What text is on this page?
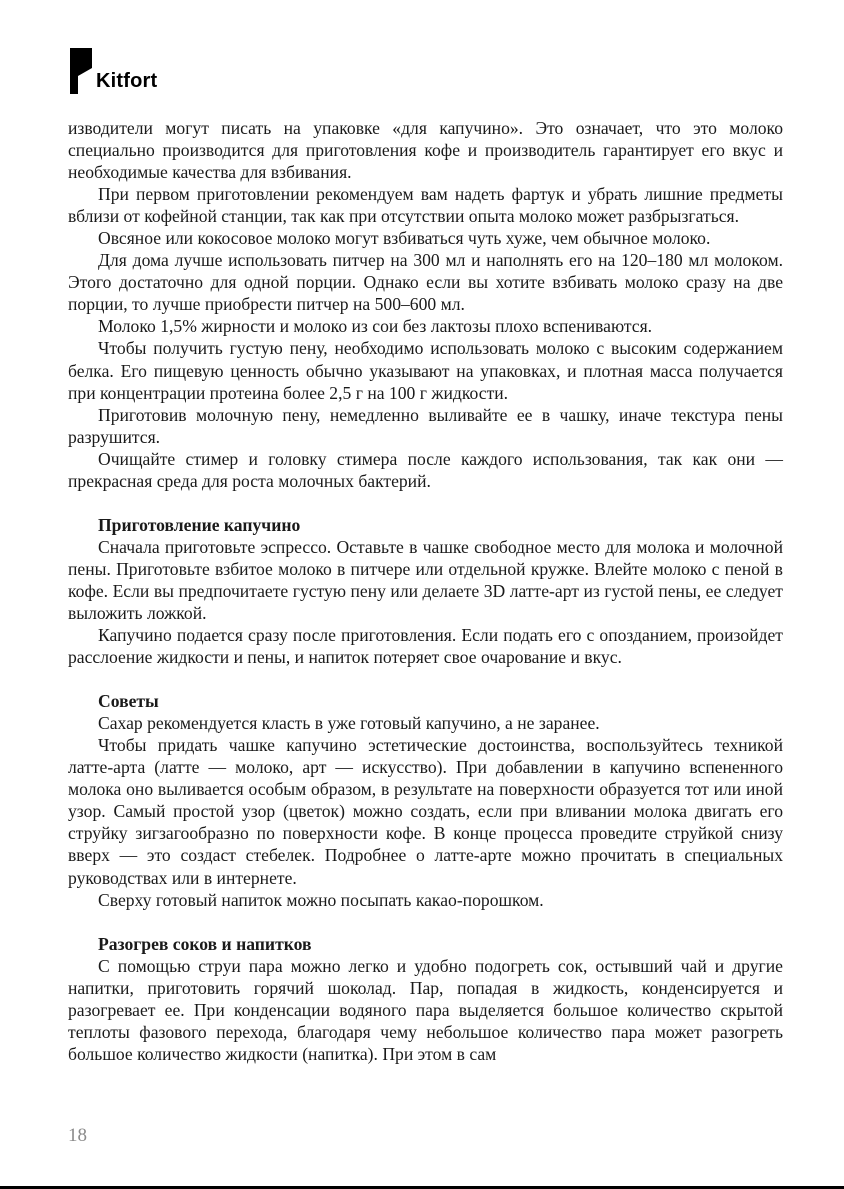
Kitfort

изводители могут писать на упаковке «для капучино». Это означает, что это молоко специально производится для приготовления кофе и производитель гарантирует его вкус и необходимые качества для взбивания.

При первом приготовлении рекомендуем вам надеть фартук и убрать лишние предметы вблизи от кофейной станции, так как при отсутствии опыта молоко может разбрызгаться.

Овсяное или кокосовое молоко могут взбиваться чуть хуже, чем обычное молоко.

Для дома лучше использовать питчер на 300 мл и наполнять его на 120–180 мл молоком. Этого достаточно для одной порции. Однако если вы хотите взбивать молоко сразу на две порции, то лучше приобрести питчер на 500–600 мл.

Молоко 1,5% жирности и молоко из сои без лактозы плохо вспениваются.

Чтобы получить густую пену, необходимо использовать молоко с высоким содержанием белка. Его пищевую ценность обычно указывают на упаковках, и плотная масса получается при концентрации протеина более 2,5 г на 100 г жидкости.

Приготовив молочную пену, немедленно выливайте ее в чашку, иначе текстура пены разрушится.

Очищайте стимер и головку стимера после каждого использования, так как они — прекрасная среда для роста молочных бактерий.

Приготовление капучино

Сначала приготовьте эспрессо. Оставьте в чашке свободное место для молока и молочной пены. Приготовьте взбитое молоко в питчере или отдельной кружке. Влейте молоко с пеной в кофе. Если вы предпочитаете густую пену или делаете 3D латте-арт из густой пены, ее следует выложить ложкой.

Капучино подается сразу после приготовления. Если подать его с опозданием, произойдет расслоение жидкости и пены, и напиток потеряет свое очарование и вкус.

Советы

Сахар рекомендуется класть в уже готовый капучино, а не заранее.

Чтобы придать чашке капучино эстетические достоинства, воспользуйтесь техникой латте-арта (латте — молоко, арт — искусство). При добавлении в капучино вспененного молока оно выливается особым образом, в результате на поверхности образуется тот или иной узор. Самый простой узор (цветок) можно создать, если при вливании молока двигать его струйку зигзагообразно по поверхности кофе. В конце процесса проведите струйкой снизу вверх — это создаст стебелек. Подробнее о латте-арте можно прочитать в специальных руководствах или в интернете.

Сверху готовый напиток можно посыпать какао-порошком.

Разогрев соков и напитков

С помощью струи пара можно легко и удобно подогреть сок, остывший чай и другие напитки, приготовить горячий шоколад. Пар, попадая в жидкость, конденсируется и разогревает ее. При конденсации водяного пара выделяется большое количество скрытой теплоты фазового перехода, благодаря чему небольшое количество пара может разогреть большое количество жидкости (напитка). При этом в сам

18
